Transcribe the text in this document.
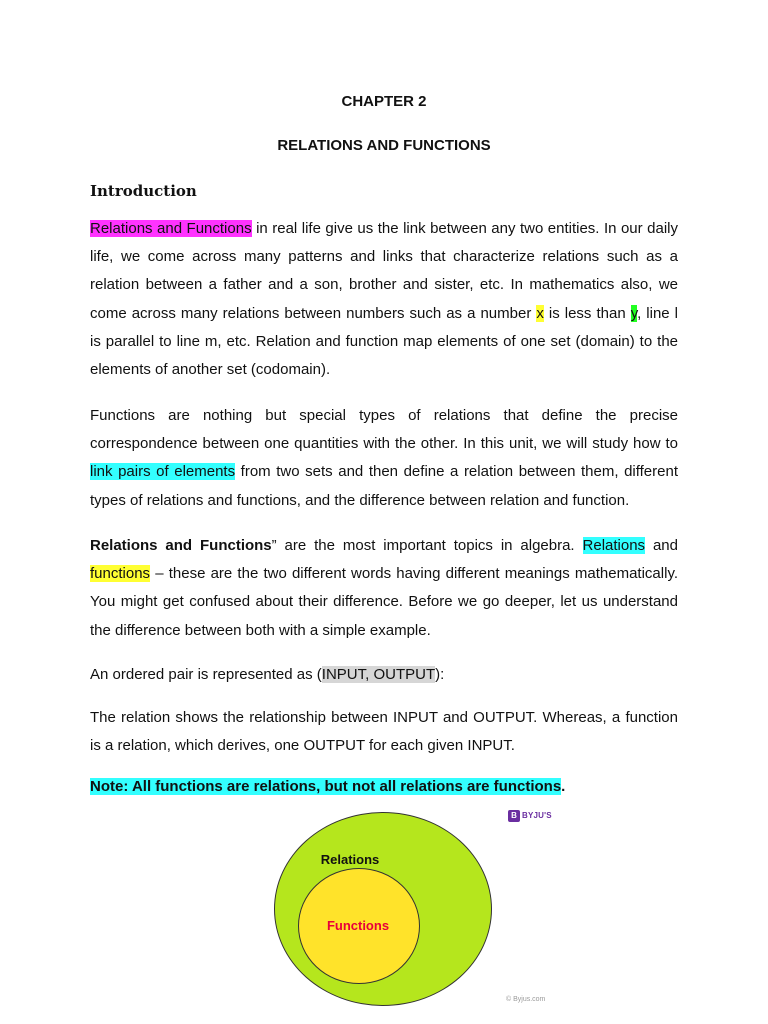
CHAPTER 2
RELATIONS AND FUNCTIONS
Introduction

Relations and Functions in real life give us the link between any two entities. In our daily life, we come across many patterns and links that characterize relations such as a relation between a father and a son, brother and sister, etc. In mathematics also, we come across many relations between numbers such as a number x is less than y, line l is parallel to line m, etc. Relation and function map elements of one set (domain) to the elements of another set (codomain).

Functions are nothing but special types of relations that define the precise correspondence between one quantities with the other. In this unit, we will study how to link pairs of elements from two sets and then define a relation between them, different types of relations and functions, and the difference between relation and function.

Relations and Functions” are the most important topics in algebra. Relations and functions – these are the two different words having different meanings mathematically. You might get confused about their difference. Before we go deeper, let us understand the difference between both with a simple example.

An ordered pair is represented as (INPUT, OUTPUT):

The relation shows the relationship between INPUT and OUTPUT. Whereas, a function is a relation, which derives, one OUTPUT for each given INPUT.

Note: All functions are relations, but not all relations are functions.
B BYJU'S
Relations
Functions
© Byjus.com
